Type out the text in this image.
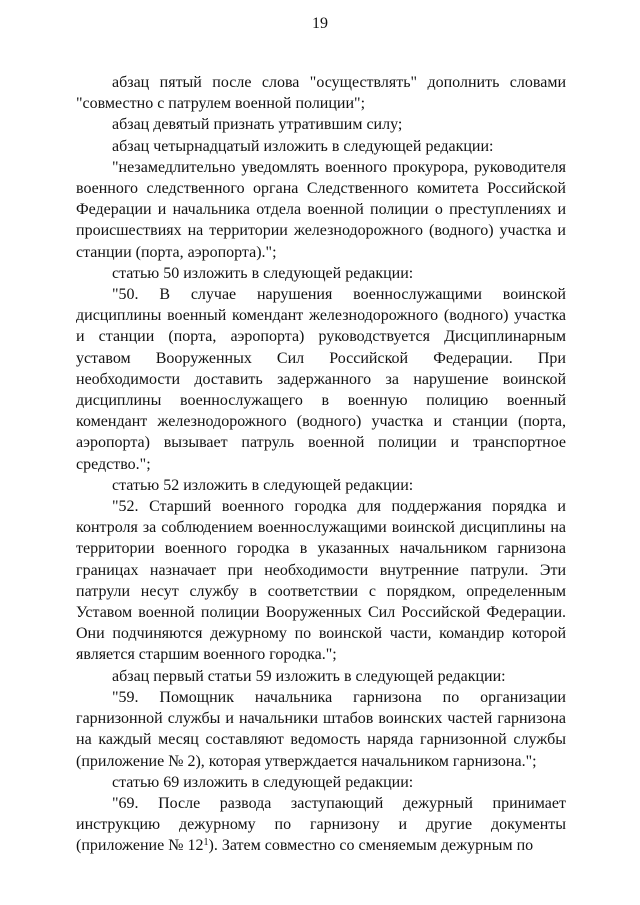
19

абзац пятый после слова "осуществлять" дополнить словами "совместно с патрулем военной полиции";

абзац девятый признать утратившим силу;

абзац четырнадцатый изложить в следующей редакции:

"незамедлительно уведомлять военного прокурора, руководителя военного следственного органа Следственного комитета Российской Федерации и начальника отдела военной полиции о преступлениях и происшествиях на территории железнодорожного (водного) участка и станции (порта, аэропорта).";

статью 50 изложить в следующей редакции:

"50. В случае нарушения военнослужащими воинской дисциплины военный комендант железнодорожного (водного) участка и станции (порта, аэропорта) руководствуется Дисциплинарным уставом Вооруженных Сил Российской Федерации. При необходимости доставить задержанного за нарушение воинской дисциплины военнослужащего в военную полицию военный комендант железнодорожного (водного) участка и станции (порта, аэропорта) вызывает патруль военной полиции и транспортное средство.";

статью 52 изложить в следующей редакции:

"52. Старший военного городка для поддержания порядка и контроля за соблюдением военнослужащими воинской дисциплины на территории военного городка в указанных начальником гарнизона границах назначает при необходимости внутренние патрули. Эти патрули несут службу в соответствии с порядком, определенным Уставом военной полиции Вооруженных Сил Российской Федерации. Они подчиняются дежурному по воинской части, командир которой является старшим военного городка.";

абзац первый статьи 59 изложить в следующей редакции:

"59. Помощник начальника гарнизона по организации гарнизонной службы и начальники штабов воинских частей гарнизона на каждый месяц составляют ведомость наряда гарнизонной службы (приложение № 2), которая утверждается начальником гарнизона.";

статью 69 изложить в следующей редакции:

"69. После развода заступающий дежурный принимает инструкцию дежурному по гарнизону и другие документы (приложение № $12^1$). Затем совместно со сменяемым дежурным по
